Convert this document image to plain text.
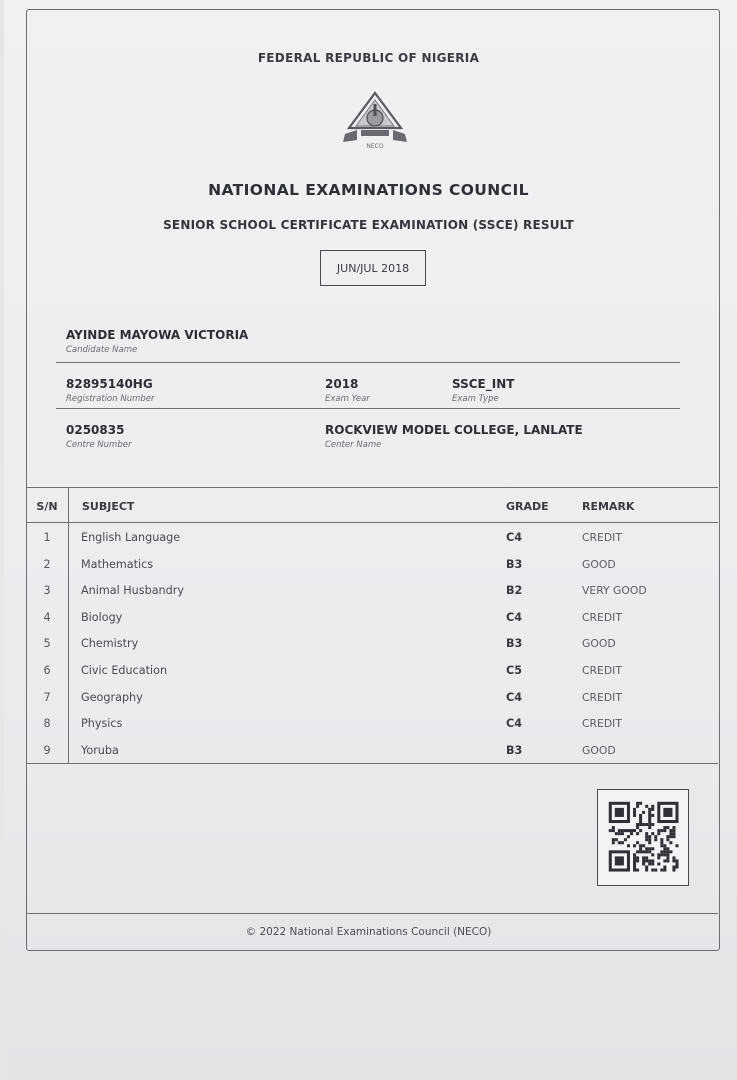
FEDERAL REPUBLIC OF NIGERIA
NECO
NATIONAL EXAMINATIONS COUNCIL
SENIOR SCHOOL CERTIFICATE EXAMINATION (SSCE) RESULT
JUN/JUL 2018
AYINDE MAYOWA VICTORIA
Candidate Name
82895140HG
Registration Number
2018
Exam Year
SSCE_INT
Exam Type
0250835
Centre Number
ROCKVIEW MODEL COLLEGE, LANLATE
Center Name
S/N	SUBJECT	GRADE	REMARK
1	English Language	C4	CREDIT
2	Mathematics	B3	GOOD
3	Animal Husbandry	B2	VERY GOOD
4	Biology	C4	CREDIT
5	Chemistry	B3	GOOD
6	Civic Education	C5	CREDIT
7	Geography	C4	CREDIT
8	Physics	C4	CREDIT
9	Yoruba	B3	GOOD
© 2022 National Examinations Council (NECO)
